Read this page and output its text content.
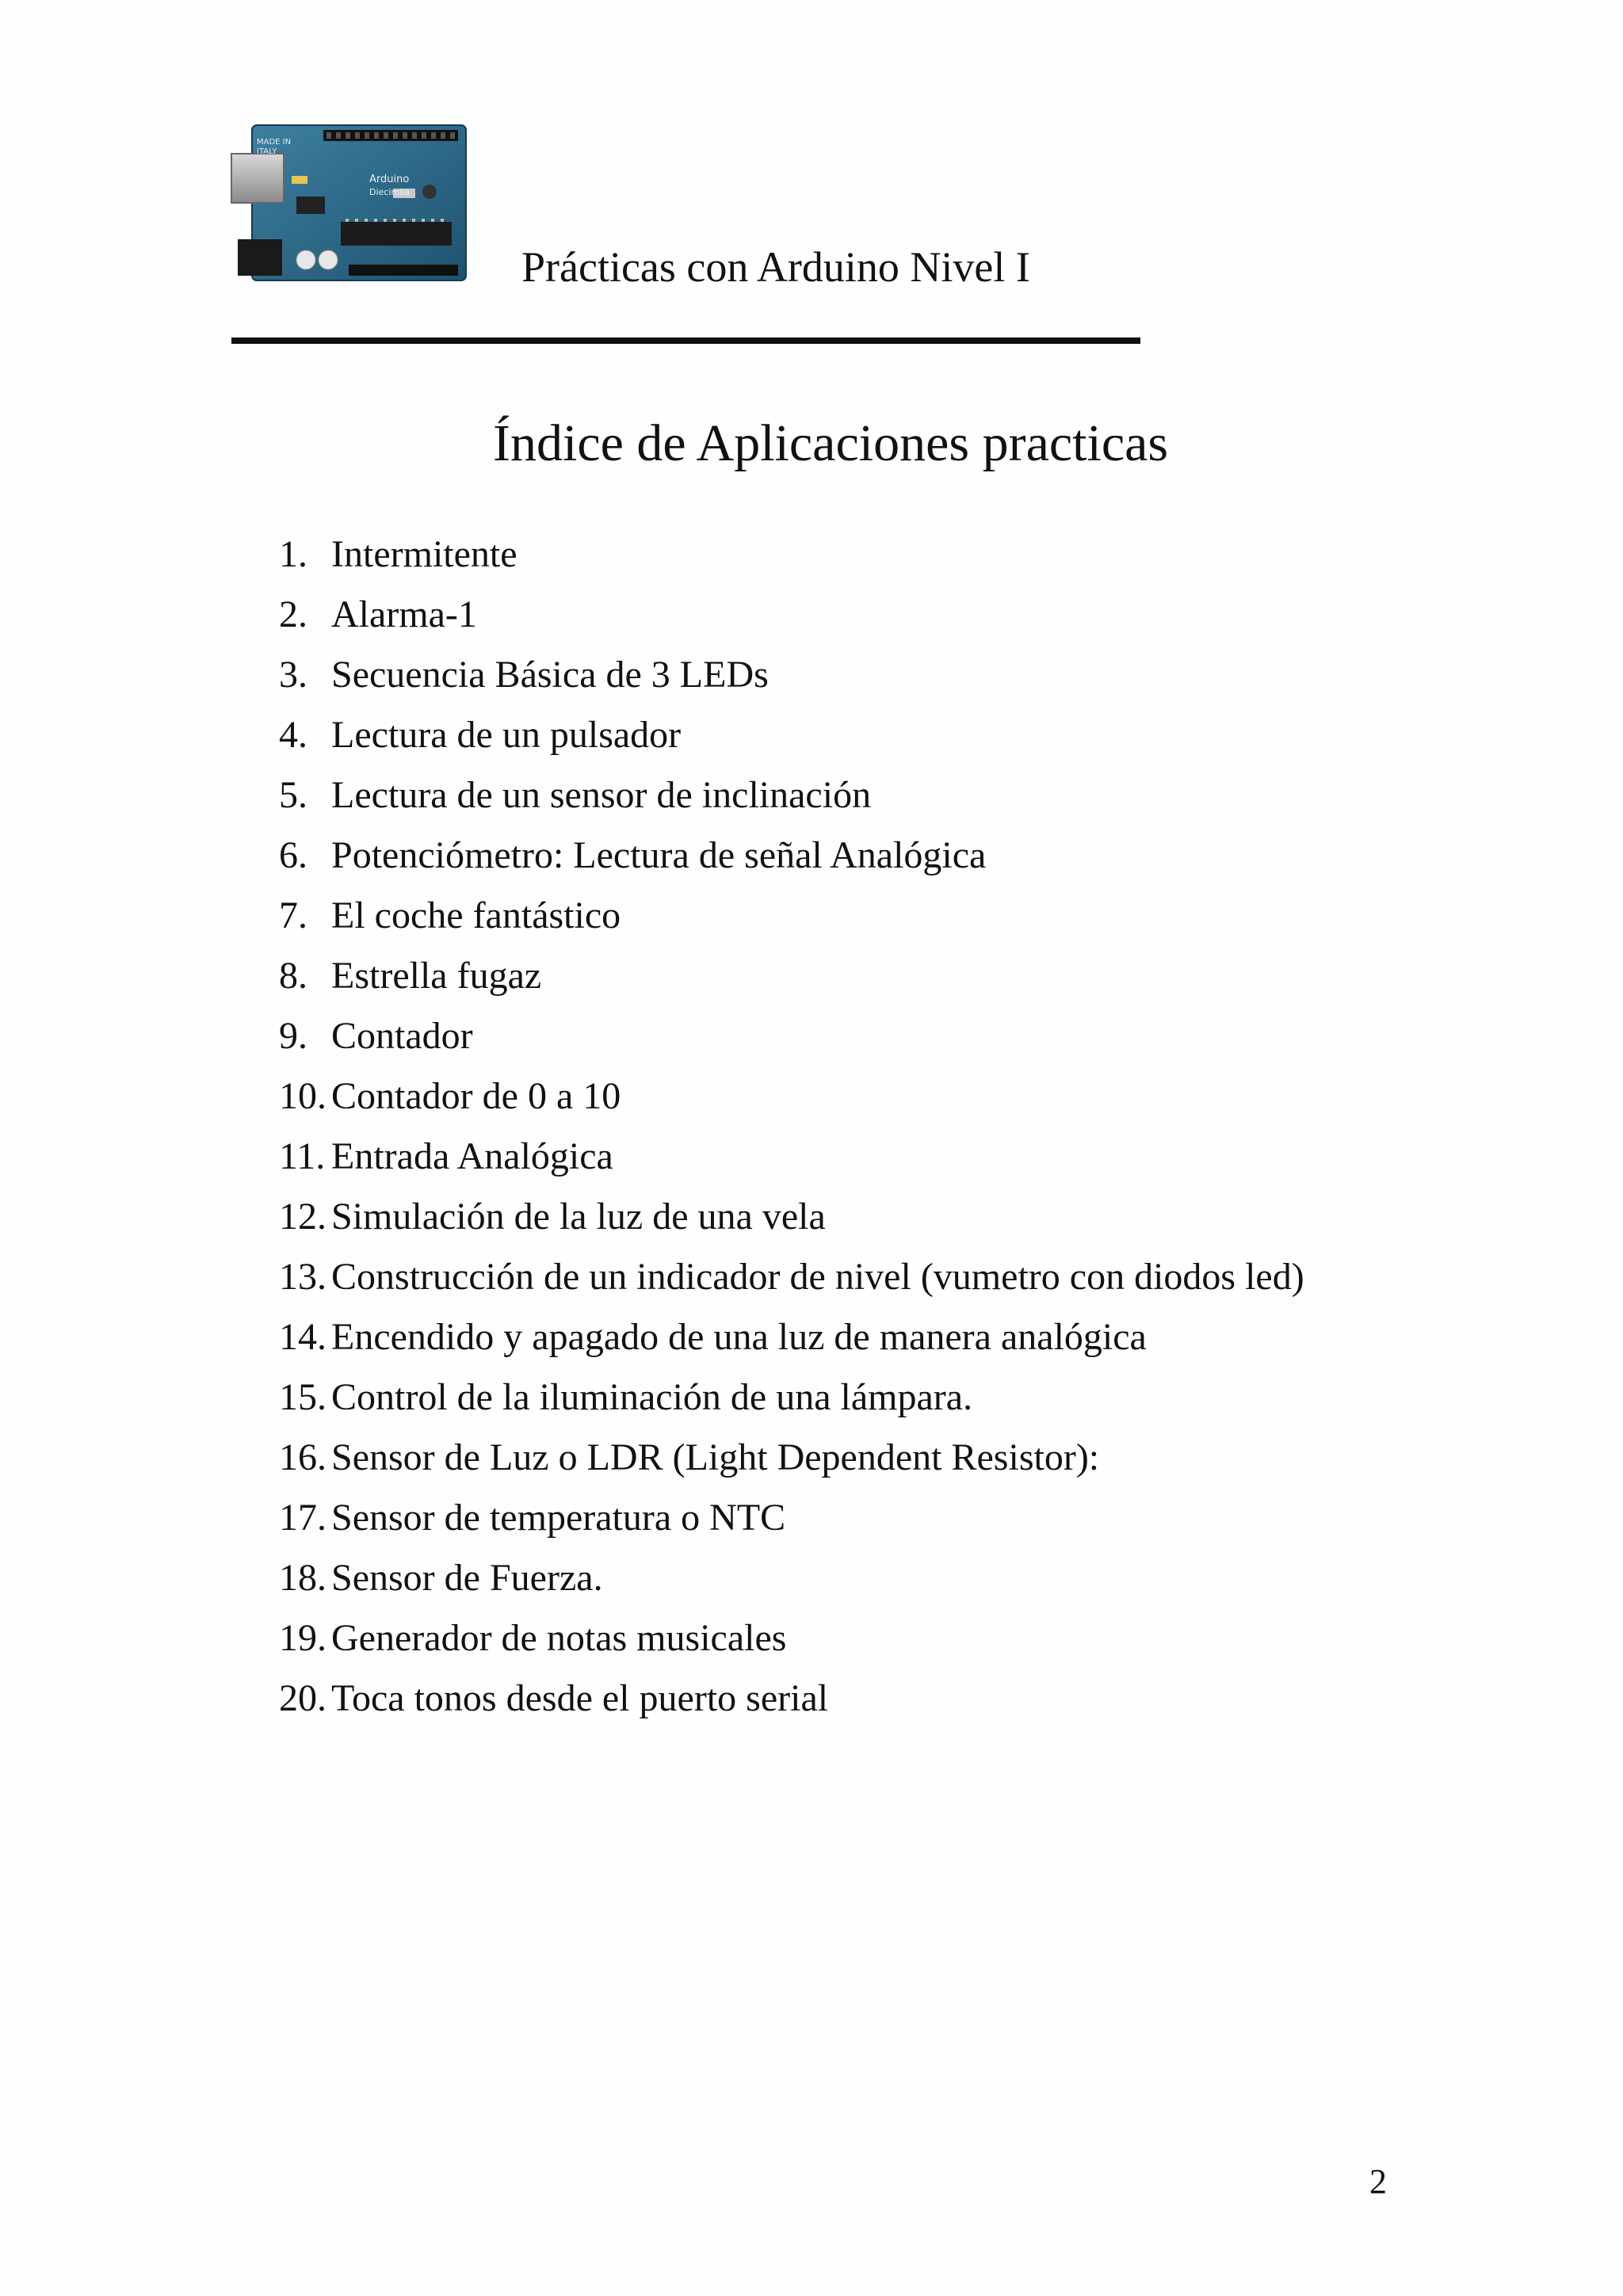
MADE IN
ITALY
Arduino
Diecimila
Prácticas con Arduino Nivel I
Índice de Aplicaciones practicas
1. Intermitente
2. Alarma-1
3. Secuencia Básica de 3 LEDs
4. Lectura de un pulsador
5. Lectura de un sensor de inclinación
6. Potenciómetro: Lectura de señal Analógica
7. El coche fantástico
8. Estrella fugaz
9. Contador
10. Contador de 0 a 10
11. Entrada Analógica
12. Simulación de la luz de una vela
13. Construcción de un indicador de nivel (vumetro con diodos led)
14. Encendido y apagado de una luz de manera analógica
15. Control de la iluminación de una lámpara.
16. Sensor de Luz o LDR (Light Dependent Resistor):
17. Sensor de temperatura o NTC
18. Sensor de Fuerza.
19. Generador de notas musicales
20. Toca tonos desde el puerto serial
2
